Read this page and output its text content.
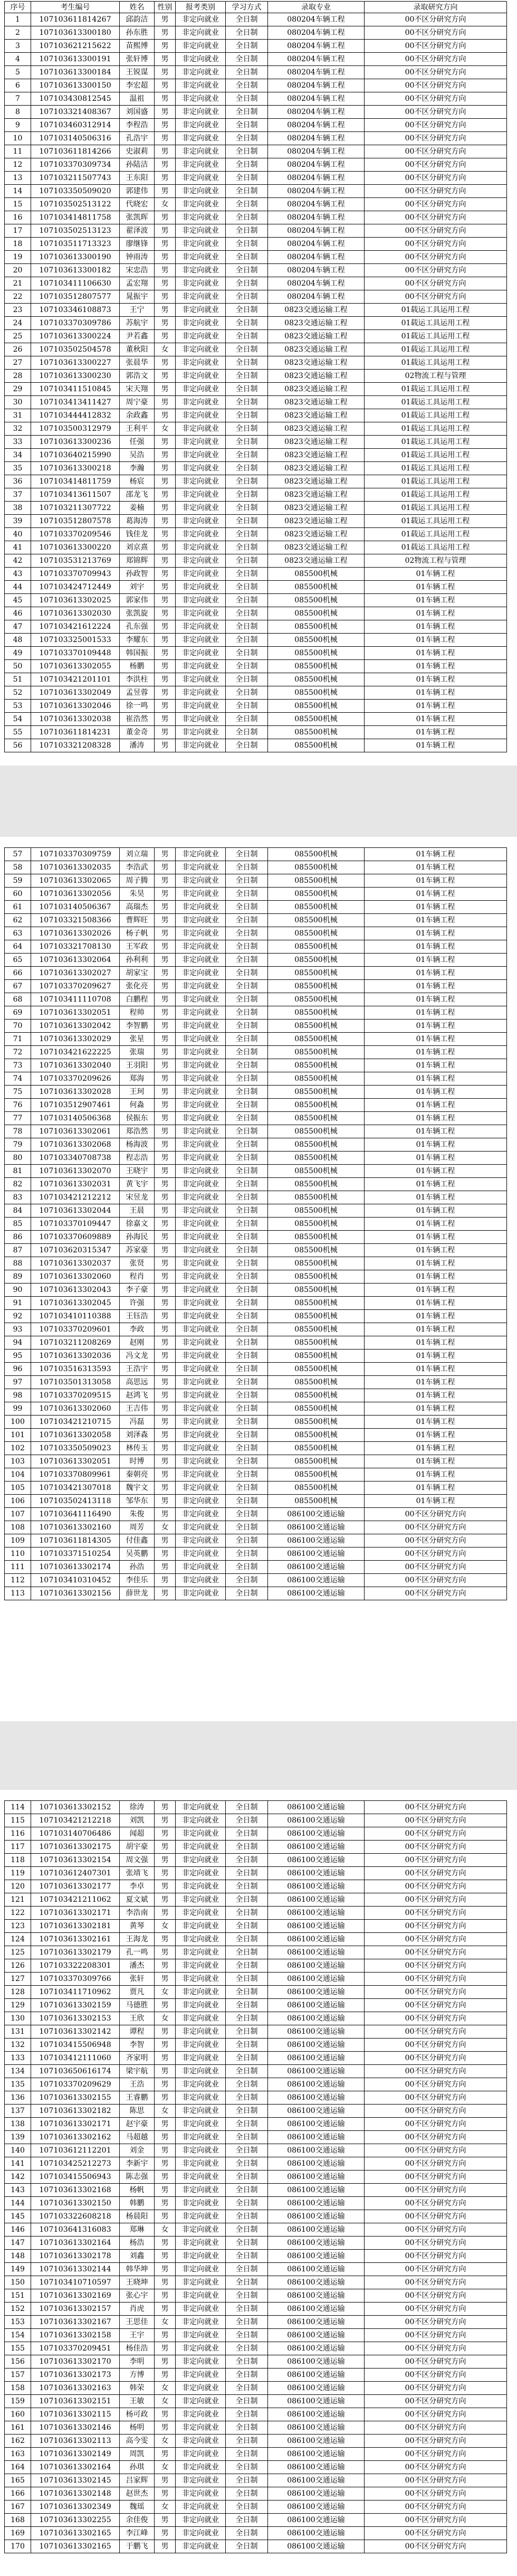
序号	考生编号	姓名	性别	报考类别	学习方式	录取专业	录取研究方向
1	107103611814267	邱韵洁	男	非定向就业	全日制	080204车辆工程	00不区分研究方向
2	107103613300180	孙东胜	男	非定向就业	全日制	080204车辆工程	00不区分研究方向
3	107103621215622	苗熙博	男	非定向就业	全日制	080204车辆工程	00不区分研究方向
4	107103613300191	张轩博	男	非定向就业	全日制	080204车辆工程	00不区分研究方向
5	107103613300184	王锐谋	男	非定向就业	全日制	080204车辆工程	00不区分研究方向
6	107103613300150	李宏超	男	非定向就业	全日制	080204车辆工程	00不区分研究方向
7	107103430812545	温祖	男	非定向就业	全日制	080204车辆工程	00不区分研究方向
8	107103321408367	刘国盛	男	非定向就业	全日制	080204车辆工程	00不区分研究方向
9	107103460312914	李程浩	男	非定向就业	全日制	080204车辆工程	00不区分研究方向
10	107103140506316	孔浩宇	男	非定向就业	全日制	080204车辆工程	00不区分研究方向
11	107103611814266	史淑莉	男	非定向就业	全日制	080204车辆工程	00不区分研究方向
12	107103370309734	孙陆洁	男	非定向就业	全日制	080204车辆工程	00不区分研究方向
13	107103211507743	王东阳	男	非定向就业	全日制	080204车辆工程	00不区分研究方向
14	107103350509020	郭建伟	男	非定向就业	全日制	080204车辆工程	00不区分研究方向
15	107103502513122	代晓宏	女	非定向就业	全日制	080204车辆工程	00不区分研究方向
16	107103414811758	张凯晖	男	非定向就业	全日制	080204车辆工程	00不区分研究方向
17	107103502513123	翟泽波	男	非定向就业	全日制	080204车辆工程	00不区分研究方向
18	107103511713323	廖继锋	男	非定向就业	全日制	080204车辆工程	00不区分研究方向
19	107103613300190	钟雨涛	男	非定向就业	全日制	080204车辆工程	00不区分研究方向
20	107103613300182	宋忠浩	男	非定向就业	全日制	080204车辆工程	00不区分研究方向
21	107103411106630	孟宏翔	男	非定向就业	全日制	080204车辆工程	00不区分研究方向
22	107103512807577	晁振宇	男	非定向就业	全日制	080204车辆工程	00不区分研究方向
23	107103346108873	王宁	男	非定向就业	全日制	0823交通运输工程	01载运工具运用工程
24	107103370309786	苏航宇	男	非定向就业	全日制	0823交通运输工程	01载运工具运用工程
25	107103613300224	尹若鑫	男	非定向就业	全日制	0823交通运输工程	01载运工具运用工程
26	107103502504578	董秋阳	女	非定向就业	全日制	0823交通运输工程	01载运工具运用工程
27	107103613300227	张晨华	男	非定向就业	全日制	0823交通运输工程	01载运工具运用工程
28	107103613300230	郭浩文	男	非定向就业	全日制	0823交通运输工程	02物流工程与管理
29	107103411510845	宋天翔	男	非定向就业	全日制	0823交通运输工程	01载运工具运用工程
30	107103413411427	周宁豪	男	非定向就业	全日制	0823交通运输工程	01载运工具运用工程
31	107103444412832	余政鑫	男	非定向就业	全日制	0823交通运输工程	01载运工具运用工程
32	107103500312979	王利平	女	非定向就业	全日制	0823交通运输工程	01载运工具运用工程
33	107103613300236	任强	男	非定向就业	全日制	0823交通运输工程	01载运工具运用工程
34	107103640215990	吴浩	男	非定向就业	全日制	0823交通运输工程	01载运工具运用工程
35	107103613300218	李瀚	男	非定向就业	全日制	0823交通运输工程	01载运工具运用工程
36	107103414811759	杨宸	男	非定向就业	全日制	0823交通运输工程	01载运工具运用工程
37	107103413611507	邵龙飞	男	非定向就业	全日制	0823交通运输工程	01载运工具运用工程
38	107103211307722	姜楠	男	非定向就业	全日制	0823交通运输工程	01载运工具运用工程
39	107103512807578	葛海涛	男	非定向就业	全日制	0823交通运输工程	01载运工具运用工程
40	107103370209546	钱佳龙	男	非定向就业	全日制	0823交通运输工程	01载运工具运用工程
41	107103613300220	刘京熹	男	非定向就业	全日制	0823交通运输工程	01载运工具运用工程
42	107103531213769	郑锦辉	男	非定向就业	全日制	0823交通运输工程	02物流工程与管理
43	107103370709943	孙政智	男	非定向就业	全日制	085500机械	01车辆工程
44	107103424712449	刘宇	男	非定向就业	全日制	085500机械	01车辆工程
45	107103613302025	郭家伟	男	非定向就业	全日制	085500机械	01车辆工程
46	107103613302030	张凯旋	男	非定向就业	全日制	085500机械	01车辆工程
47	107103421612224	孔东强	男	非定向就业	全日制	085500机械	01车辆工程
48	107103325001533	李耀东	男	非定向就业	全日制	085500机械	01车辆工程
49	107103370109448	韩国振	男	非定向就业	全日制	085500机械	01车辆工程
50	107103613302055	杨鹏	男	非定向就业	全日制	085500机械	01车辆工程
51	107103421201101	李洪柱	男	非定向就业	全日制	085500机械	01车辆工程
52	107103613302049	孟昱蓉	男	非定向就业	全日制	085500机械	01车辆工程
53	107103613302046	徐一鸣	男	非定向就业	全日制	085500机械	01车辆工程
54	107103613302038	崔浩然	男	非定向就业	全日制	085500机械	01车辆工程
55	107103611814231	董金奇	男	非定向就业	全日制	085500机械	01车辆工程
56	107103321208328	潘涛	男	非定向就业	全日制	085500机械	01车辆工程
57	107103370309759	刘立瑞	男	非定向就业	全日制	085500机械	01车辆工程
58	107103613302035	李浩武	男	非定向就业	全日制	085500机械	01车辆工程
59	107103613302065	周子腾	男	非定向就业	全日制	085500机械	01车辆工程
60	107103613302056	朱昊	男	非定向就业	全日制	085500机械	01车辆工程
61	107103140506367	高瑞杰	男	非定向就业	全日制	085500机械	01车辆工程
62	107103321508366	曹辉旺	男	非定向就业	全日制	085500机械	01车辆工程
63	107103613302026	杨子帆	男	非定向就业	全日制	085500机械	01车辆工程
64	107103321708130	王军政	男	非定向就业	全日制	085500机械	01车辆工程
65	107103613302064	孙利利	男	非定向就业	全日制	085500机械	01车辆工程
66	107103613302027	胡家宝	男	非定向就业	全日制	085500机械	01车辆工程
67	107103370209627	张化亮	男	非定向就业	全日制	085500机械	01车辆工程
68	107103411110708	白鹏程	男	非定向就业	全日制	085500机械	01车辆工程
69	107103613302051	程帅	男	非定向就业	全日制	085500机械	01车辆工程
70	107103613302042	李智鹏	男	非定向就业	全日制	085500机械	01车辆工程
71	107103613302029	张星	男	非定向就业	全日制	085500机械	01车辆工程
72	107103421622225	张瑞	男	非定向就业	全日制	085500机械	01车辆工程
73	107103613302040	王羽阳	男	非定向就业	全日制	085500机械	01车辆工程
74	107103370209626	郑海	男	非定向就业	全日制	085500机械	01车辆工程
75	107103613302028	王珂	男	非定向就业	全日制	085500机械	01车辆工程
76	107103512907461	何淼	男	非定向就业	全日制	085500机械	01车辆工程
77	107103140506368	侯振东	男	非定向就业	全日制	085500机械	01车辆工程
78	107103613302061	郑浩然	男	非定向就业	全日制	085500机械	01车辆工程
79	107103613302068	杨海波	男	非定向就业	全日制	085500机械	01车辆工程
80	107103340708738	程志浩	男	非定向就业	全日制	085500机械	01车辆工程
81	107103613302070	王晓宇	男	非定向就业	全日制	085500机械	01车辆工程
82	107103613302031	黄飞宇	男	非定向就业	全日制	085500机械	01车辆工程
83	107103421212212	宋昱龙	男	非定向就业	全日制	085500机械	01车辆工程
84	107103613302044	王晨	男	非定向就业	全日制	085500机械	01车辆工程
85	107103370109447	徐嘉文	男	非定向就业	全日制	085500机械	01车辆工程
86	107103370609889	孙海民	男	非定向就业	全日制	085500机械	01车辆工程
87	107103620315347	苏家豪	男	非定向就业	全日制	085500机械	01车辆工程
88	107103613302037	张贤	男	非定向就业	全日制	085500机械	01车辆工程
89	107103613302060	程肖	男	非定向就业	全日制	085500机械	01车辆工程
90	107103613302043	李子豪	男	非定向就业	全日制	085500机械	01车辆工程
91	107103613302045	许强	男	非定向就业	全日制	085500机械	01车辆工程
92	107103410110388	王钰浩	男	非定向就业	全日制	085500机械	01车辆工程
93	107103370209601	李政	男	非定向就业	全日制	085500机械	01车辆工程
94	107103211208269	赵刚	男	非定向就业	全日制	085500机械	01车辆工程
95	107103613302036	冯文龙	男	非定向就业	全日制	085500机械	01车辆工程
96	107103516313593	王浩宇	男	非定向就业	全日制	085500机械	01车辆工程
97	107103501313058	高思远	男	非定向就业	全日制	085500机械	01车辆工程
98	107103370209515	赵鸿飞	男	非定向就业	全日制	085500机械	01车辆工程
99	107103613302060	王吉伟	男	非定向就业	全日制	085500机械	01车辆工程
100	107103421210715	冯磊	男	非定向就业	全日制	085500机械	01车辆工程
101	107103613302058	刘泽森	男	非定向就业	全日制	085500机械	01车辆工程
102	107103350509023	林传玉	男	非定向就业	全日制	085500机械	01车辆工程
103	107103613302051	时博	男	非定向就业	全日制	085500机械	01车辆工程
104	107103370809961	秦朝亮	男	非定向就业	全日制	085500机械	01车辆工程
105	107103421307018	魏宇文	男	非定向就业	全日制	085500机械	01车辆工程
106	107103502413118	邹华东	男	非定向就业	全日制	085500机械	01车辆工程
107	107103641116490	朱俊	男	非定向就业	全日制	086100交通运输	00不区分研究方向
108	107103613302160	周芳	女	非定向就业	全日制	086100交通运输	00不区分研究方向
109	107103611814305	付佳鑫	男	非定向就业	全日制	086100交通运输	00不区分研究方向
110	107103371510254	吴英鹏	男	非定向就业	全日制	086100交通运输	00不区分研究方向
111	107103613302174	孙浩	男	非定向就业	全日制	086100交通运输	00不区分研究方向
112	107103410310452	李佳乐	男	非定向就业	全日制	086100交通运输	00不区分研究方向
113	107103613302156	薛世龙	男	非定向就业	全日制	086100交通运输	00不区分研究方向
114	107103613302152	徐涛	男	非定向就业	全日制	086100交通运输	00不区分研究方向
115	107103421212218	刘凯	男	非定向就业	全日制	086100交通运输	00不区分研究方向
116	107103140706486	闻超	男	非定向就业	全日制	086100交通运输	00不区分研究方向
117	107103613302175	胡宇豪	男	非定向就业	全日制	086100交通运输	00不区分研究方向
118	107103613302154	周文强	男	非定向就业	全日制	086100交通运输	00不区分研究方向
119	107103612407301	张靖飞	男	非定向就业	全日制	086100交通运输	00不区分研究方向
120	107103613302177	李卓	男	非定向就业	全日制	086100交通运输	00不区分研究方向
121	107103421211062	夏文斌	男	非定向就业	全日制	086100交通运输	00不区分研究方向
122	107103613302171	李浩南	男	非定向就业	全日制	086100交通运输	00不区分研究方向
123	107103613302181	黄琴	女	非定向就业	全日制	086100交通运输	00不区分研究方向
124	107103613302161	王海龙	男	非定向就业	全日制	086100交通运输	00不区分研究方向
125	107103613302179	孔一鸣	男	非定向就业	全日制	086100交通运输	00不区分研究方向
126	107103322208301	潘杰	男	非定向就业	全日制	086100交通运输	00不区分研究方向
127	107103370309766	张轩	男	非定向就业	全日制	086100交通运输	00不区分研究方向
128	107103411710962	贾凡	女	非定向就业	全日制	086100交通运输	00不区分研究方向
129	107103613302159	马德胜	男	非定向就业	全日制	086100交通运输	00不区分研究方向
130	107103613302153	王欣	女	非定向就业	全日制	086100交通运输	00不区分研究方向
131	107103613302142	谭程	男	非定向就业	全日制	086100交通运输	00不区分研究方向
132	107103415506948	李智	男	非定向就业	全日制	086100交通运输	00不区分研究方向
133	107103412111060	齐家明	男	非定向就业	全日制	086100交通运输	00不区分研究方向
134	107103650616174	梁宇航	男	非定向就业	全日制	086100交通运输	00不区分研究方向
135	107103370209629	王浩	男	非定向就业	全日制	086100交通运输	00不区分研究方向
136	107103613302155	王睿鹏	男	非定向就业	全日制	086100交通运输	00不区分研究方向
137	107103613302182	陈思	女	非定向就业	全日制	086100交通运输	00不区分研究方向
138	107103613302171	赵宇豪	男	非定向就业	全日制	086100交通运输	00不区分研究方向
139	107103613302162	马超越	男	非定向就业	全日制	086100交通运输	00不区分研究方向
140	107103612112201	刘金	男	非定向就业	全日制	086100交通运输	00不区分研究方向
141	107103425212273	李新宇	男	非定向就业	全日制	086100交通运输	00不区分研究方向
142	107103415506943	陈志强	男	非定向就业	全日制	086100交通运输	00不区分研究方向
143	107103613302168	杨帆	男	非定向就业	全日制	086100交通运输	00不区分研究方向
144	107103613302150	韩鹏	男	非定向就业	全日制	086100交通运输	00不区分研究方向
145	107103322608218	杨晨阳	男	非定向就业	全日制	086100交通运输	00不区分研究方向
146	107103641316083	郑琳	女	非定向就业	全日制	086100交通运输	00不区分研究方向
147	107103613302164	杨浩	男	非定向就业	全日制	086100交通运输	00不区分研究方向
148	107103613302178	刘鑫	男	非定向就业	全日制	086100交通运输	00不区分研究方向
149	107103613302144	韩华坤	男	非定向就业	全日制	086100交通运输	00不区分研究方向
150	107103410710597	王晓坤	男	非定向就业	全日制	086100交通运输	00不区分研究方向
151	107103613302169	张心宇	男	非定向就业	全日制	086100交通运输	00不区分研究方向
152	107103613302157	肖虎	男	非定向就业	全日制	086100交通运输	00不区分研究方向
153	107103613302167	王思佳	女	非定向就业	全日制	086100交通运输	00不区分研究方向
154	107103613302158	王宇	男	非定向就业	全日制	086100交通运输	00不区分研究方向
155	107103370209451	杨佳浩	男	非定向就业	全日制	086100交通运输	00不区分研究方向
156	107103613302170	李明	男	非定向就业	全日制	086100交通运输	00不区分研究方向
157	107103613302173	方博	男	非定向就业	全日制	086100交通运输	00不区分研究方向
158	107103613302163	韩荣	女	非定向就业	全日制	086100交通运输	00不区分研究方向
159	107103613302151	王敏	女	非定向就业	全日制	086100交通运输	00不区分研究方向
160	107103613302115	杨可政	男	非定向就业	全日制	086100交通运输	00不区分研究方向
161	107103613302146	杨明	男	非定向就业	全日制	086100交通运输	00不区分研究方向
162	107103613302113	高今雯	女	非定向就业	全日制	086100交通运输	00不区分研究方向
163	107103613302149	周凯	男	非定向就业	全日制	086100交通运输	00不区分研究方向
164	107103613302164	孙琪	女	非定向就业	全日制	086100交通运输	00不区分研究方向
165	107103613302145	吕家辉	男	非定向就业	全日制	086100交通运输	00不区分研究方向
166	107103613302148	赵世杰	男	非定向就业	全日制	086100交通运输	00不区分研究方向
167	107103613302349	魏瑶	女	非定向就业	全日制	086100交通运输	00不区分研究方向
168	107103613302255	余佳俊	男	非定向就业	全日制	086100交通运输	00不区分研究方向
169	107103613302165	李江峰	男	非定向就业	全日制	086100交通运输	00不区分研究方向
170	107103613302165	于鹏飞	男	非定向就业	全日制	086100交通运输	00不区分研究方向
